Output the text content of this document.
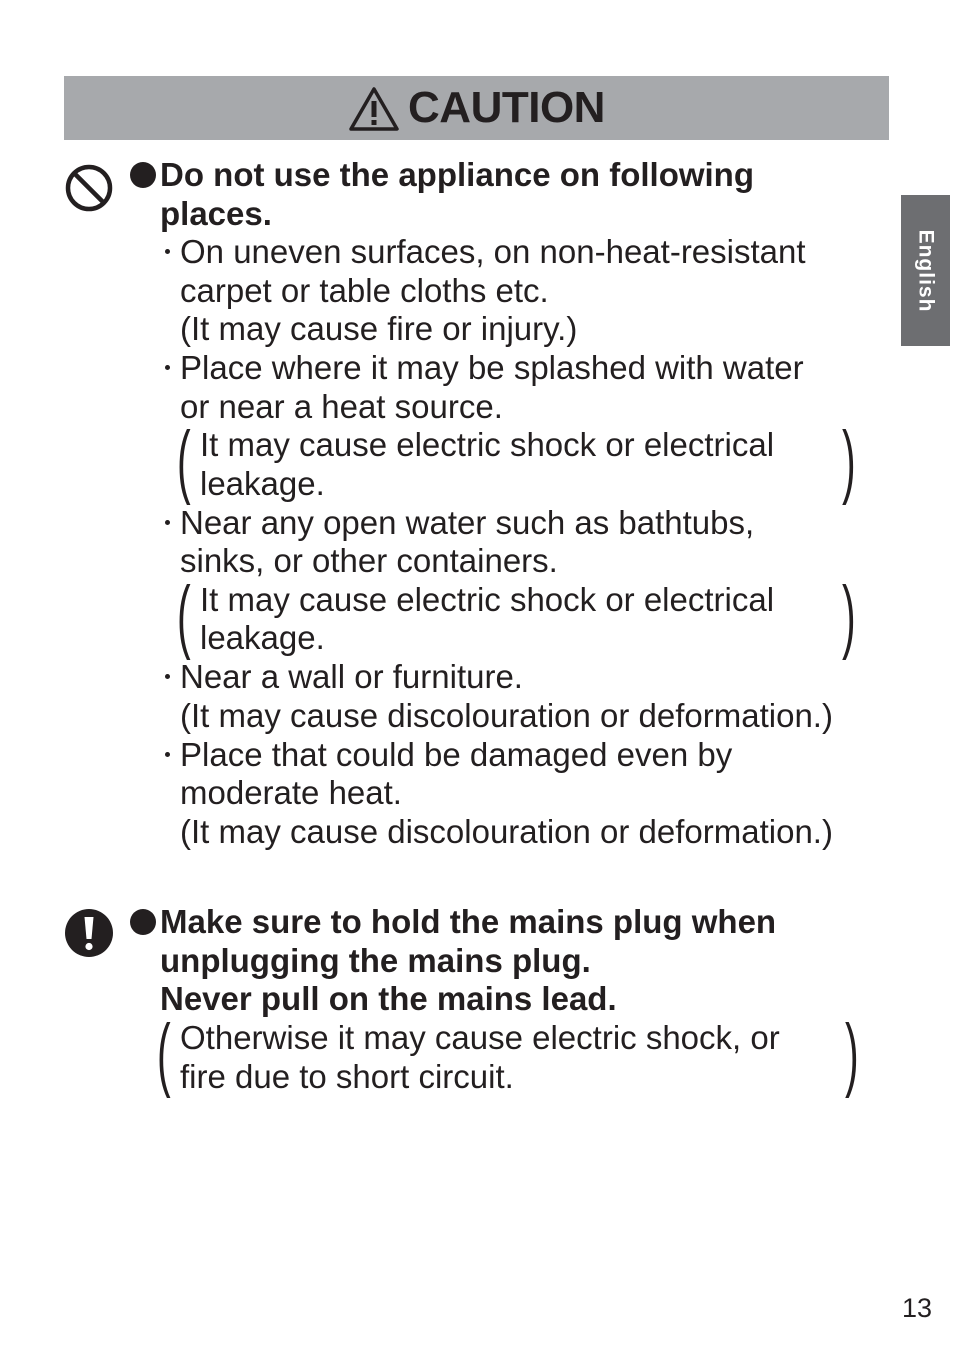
CAUTION
English
Do not use the appliance on following
places.
On uneven surfaces, on non-heat-resistant
carpet or table cloths etc.
(It may cause fire or injury.)
Place where it may be splashed with water
or near a heat source.
( It may cause electric shock or electrical
leakage.	)
Near any open water such as bathtubs,
sinks, or other containers.
( It may cause electric shock or electrical
leakage.	)
Near a wall or furniture.
(It may cause discolouration or deformation.)
Place that could be damaged even by
moderate heat.
(It may cause discolouration or deformation.)
Make sure to hold the mains plug when
unplugging the mains plug.
Never pull on the mains lead.
( Otherwise it may cause electric shock, or
fire due to short circuit.	)
13
